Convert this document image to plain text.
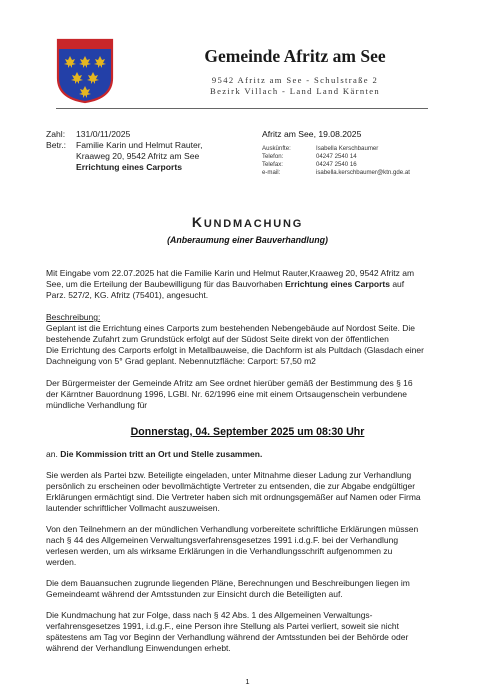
Gemeinde Afritz am See
9542 Afritz am See - Schulstraße 2
Bezirk Villach - Land Land Kärnten
Zahl: 131/0/11/2025
Betr.: Familie Karin und Helmut Rauter,
Kraaweg 20, 9542 Afritz am See
Errichtung eines Carports
Afritz am See, 19.08.2025
Auskünfte:	Isabella Kerschbaumer
Telefon:	04247 2540 14
Telefax:	04247 2540 16
e-mail:	isabella.kerschbaumer@ktn.gde.at
KUNDMACHUNG
(Anberaumung einer Bauverhandlung)
Mit Eingabe vom 22.07.2025 hat die Familie Karin und Helmut Rauter,Kraaweg 20, 9542 Afritz am
See, um die Erteilung der Baubewilligung für das Bauvorhaben Errichtung eines Carports auf
Parz. 527/2, KG. Afritz (75401), angesucht.
Beschreibung:
Geplant ist die Errichtung eines Carports zum bestehenden Nebengebäude auf Nordost Seite. Die
bestehende Zufahrt zum Grundstück erfolgt auf der Südost Seite direkt von der öffentlichen
Die Errichtung des Carports erfolgt in Metallbauweise, die Dachform ist als Pultdach (Glasdach einer
Dachneigung von 5° Grad geplant. Nebennutzfläche: Carport: 57,50 m2
Der Bürgermeister der Gemeinde Afritz am See ordnet hierüber gemäß der Bestimmung des § 16
der Kärntner Bauordnung 1996, LGBl. Nr. 62/1996 eine mit einem Ortsaugenschein verbundene
mündliche Verhandlung für
Donnerstag, 04. September 2025 um 08:30 Uhr
an. Die Kommission tritt an Ort und Stelle zusammen.
Sie werden als Partei bzw. Beteiligte eingeladen, unter Mitnahme dieser Ladung zur Verhandlung
persönlich zu erscheinen oder bevollmächtigte Vertreter zu entsenden, die zur Abgabe endgültiger
Erklärungen ermächtigt sind. Die Vertreter haben sich mit ordnungsgemäßer auf Namen oder Firma
lautender schriftlicher Vollmacht auszuweisen.
Von den Teilnehmern an der mündlichen Verhandlung vorbereitete schriftliche Erklärungen müssen
nach § 44 des Allgemeinen Verwaltungsverfahrensgesetzes 1991 i.d.g.F. bei der Verhandlung
verlesen werden, um als wirksame Erklärungen in die Verhandlungsschrift aufgenommen zu
werden.
Die dem Bauansuchen zugrunde liegenden Pläne, Berechnungen und Beschreibungen liegen im
Gemeindeamt während der Amtsstunden zur Einsicht durch die Beteiligten auf.
Die Kundmachung hat zur Folge, dass nach § 42 Abs. 1 des Allgemeinen Verwaltungs-
verfahrensgesetzes 1991, i.d.g.F., eine Person ihre Stellung als Partei verliert, soweit sie nicht
spätestens am Tag vor Beginn der Verhandlung während der Amtsstunden bei der Behörde oder
während der Verhandlung Einwendungen erhebt.
1
